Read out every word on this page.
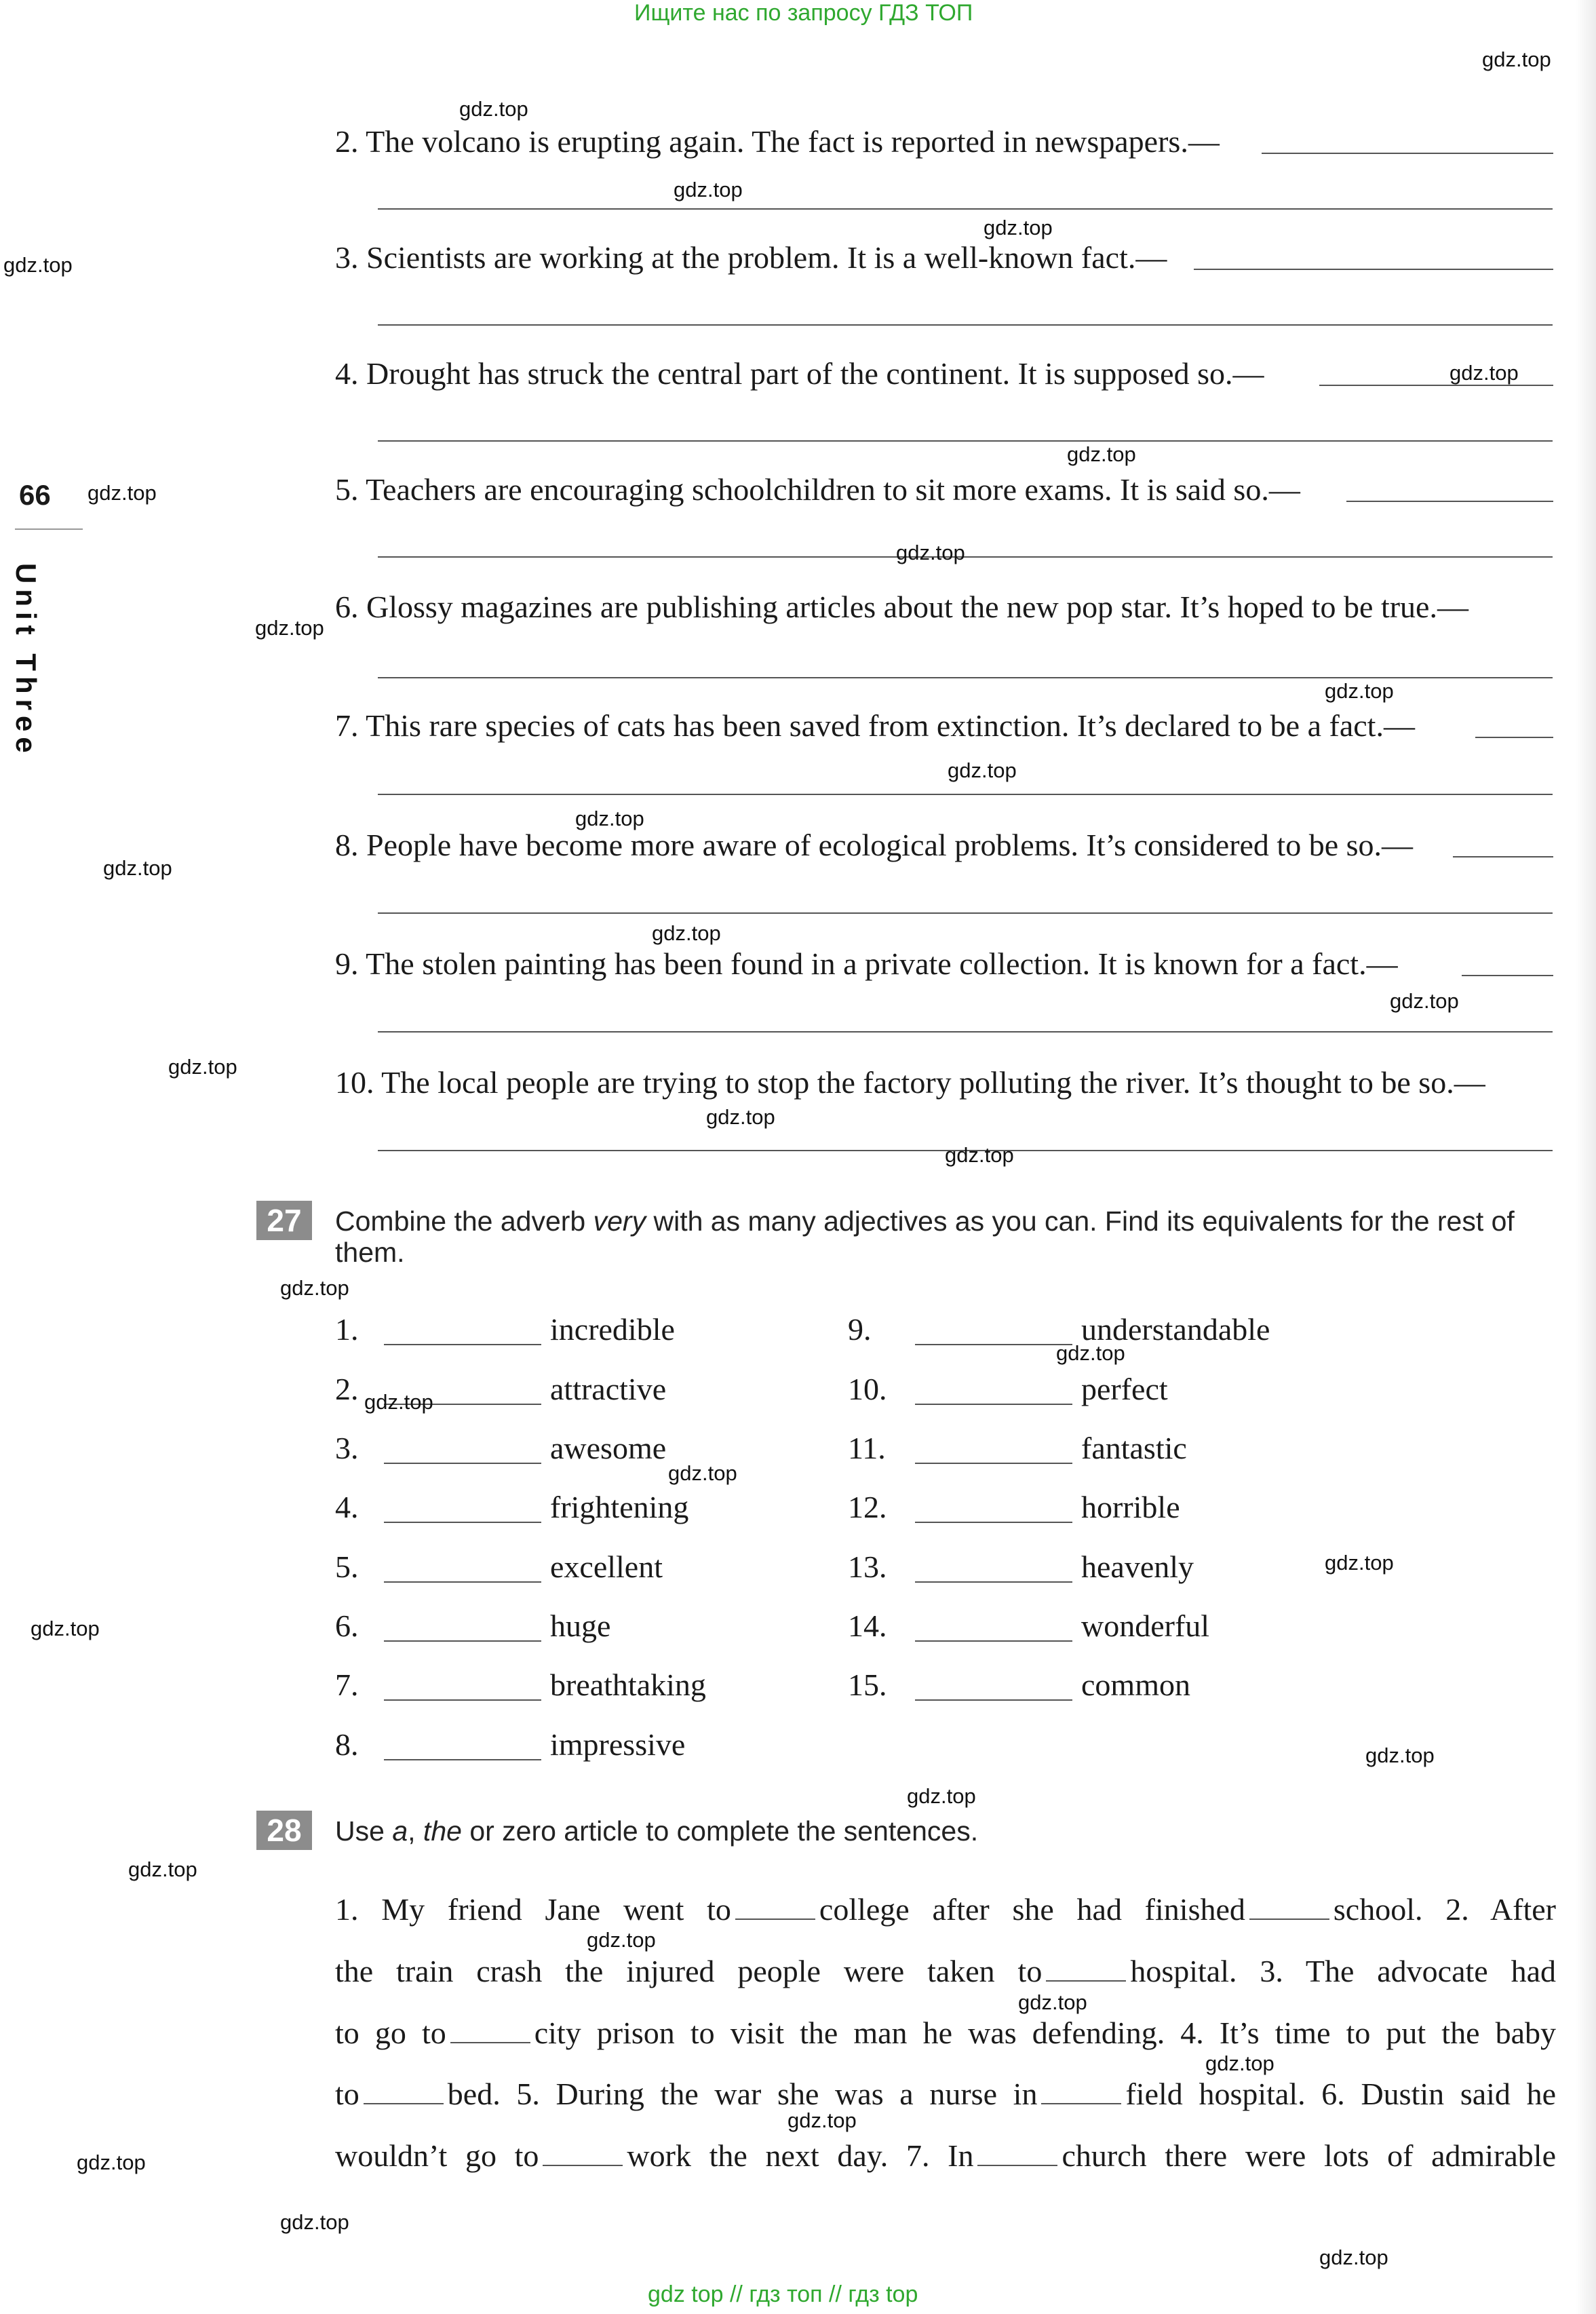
Ищите нас по запросу ГДЗ ТОП
gdz top // гдз топ // гдз top
66
Unit Three
2. The volcano is erupting again. The fact is reported in newspapers.—
3. Scientists are working at the problem. It is a well-known fact.—
4. Drought has struck the central part of the continent. It is supposed so.—
5. Teachers are encouraging schoolchildren to sit more exams. It is said so.—
6. Glossy magazines are publishing articles about the new pop star. It’s hoped to be true.—
7. This rare species of cats has been saved from extinction. It’s declared to be a fact.—
8. People have become more aware of ecological problems. It’s considered to be so.—
9. The stolen painting has been found in a private collection. It is known for a fact.—
10. The local people are trying to stop the factory polluting the river. It’s thought to be so.—
27	Combine the adverb very with as many adjectives as you can. Find its equivalents for the rest of them.
1.	incredible
2.	attractive
3.	awesome
4.	frightening
5.	excellent
6.	huge
7.	breathtaking
8.	impressive
9.	understandable
10.	perfect
11.	fantastic
12.	horrible
13.	heavenly
14.	wonderful
15.	common
28	Use a, the or zero article to complete the sentences.
1. My friend Jane went to	college after she had finished	school. 2. After
the train crash the injured people were taken to	hospital. 3. The advocate had
to go to	city prison to visit the man he was defending. 4. It’s time to put the baby
to	bed. 5. During the war she was a nurse in	field hospital. 6. Dustin said he
wouldn’t go to	work the next day. 7. In	church there were lots of admirable
gdz.top
gdz.top
gdz.top
gdz.top
gdz.top
gdz.top
gdz.top
gdz.top
gdz.top
gdz.top
gdz.top
gdz.top
gdz.top
gdz.top
gdz.top
gdz.top
gdz.top
gdz.top
gdz.top
gdz.top
gdz.top
gdz.top
gdz.top
gdz.top
gdz.top
gdz.top
gdz.top
gdz.top
gdz.top
gdz.top
gdz.top
gdz.top
gdz.top
gdz.top
gdz.top
